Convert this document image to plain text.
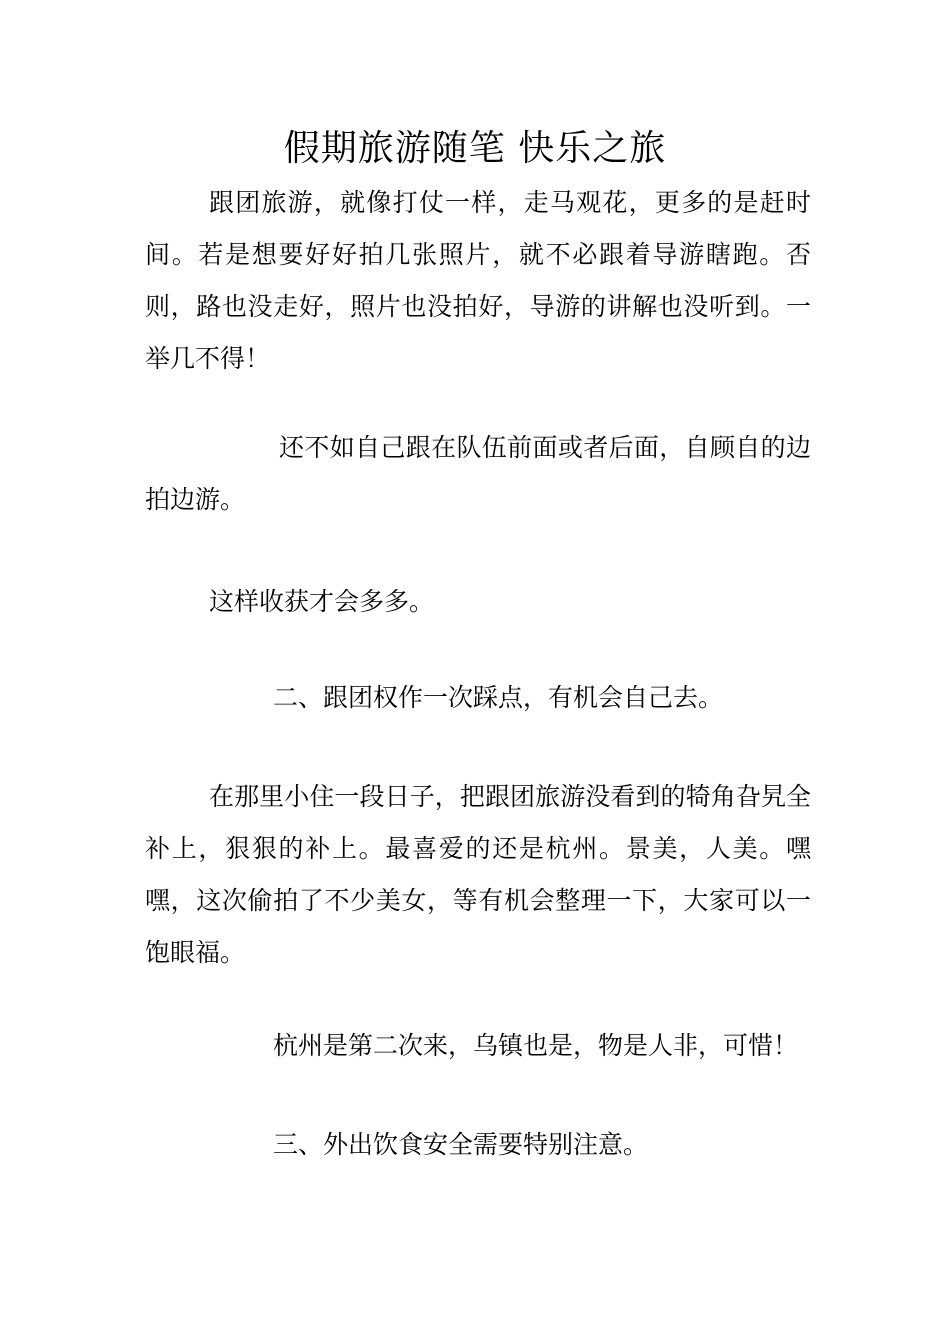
假期旅游随笔 快乐之旅

跟团旅游，就像打仗一样，走马观花，更多的是赶时间。若是想要好好拍几张照片，就不必跟着导游瞎跑。否则，路也没走好，照片也没拍好，导游的讲解也没听到。一举几不得！

还不如自己跟在队伍前面或者后面，自顾自的边拍边游。

这样收获才会多多。

二、跟团权作一次踩点，有机会自己去。

在那里小住一段日子，把跟团旅游没看到的犄角旮旯全补上，狠狠的补上。最喜爱的还是杭州。景美，人美。嘿嘿，这次偷拍了不少美女，等有机会整理一下，大家可以一饱眼福。

杭州是第二次来，乌镇也是，物是人非，可惜！

三、外出饮食安全需要特别注意。
